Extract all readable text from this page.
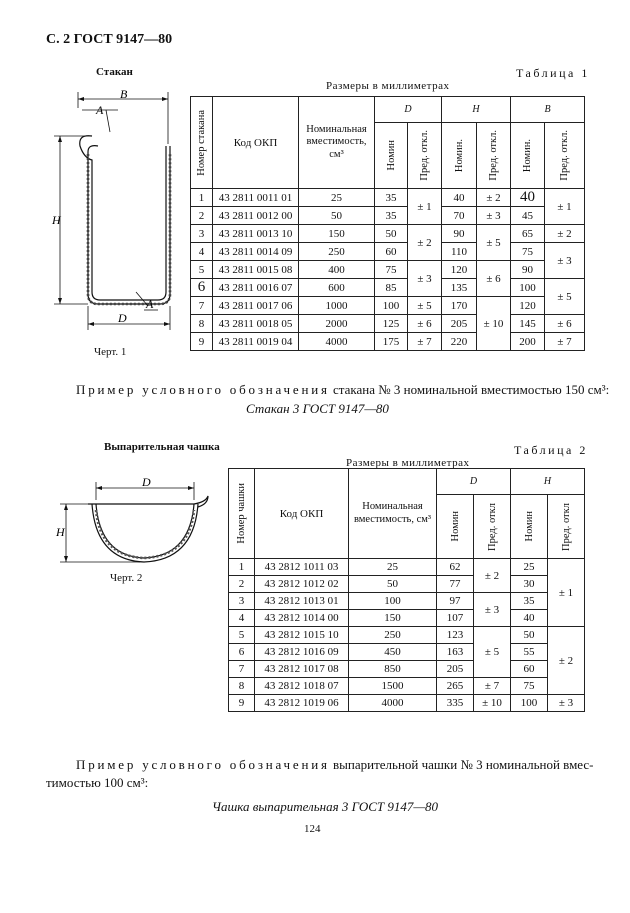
С. 2 ГОСТ 9147—80
Стакан	Таблица 1
Размеры в миллиметрах
B
A
H
A
D
Черт. 1
Номер стакана	Код ОКП	Номинальная вместимость, см³	D		H		B	

			Номин	Пред. откл.	Номин.	Пред. откл.	Номин.	Пред. откл.

1	43 2811 0011 01	25	35	± 1	40	± 2	40	± 1
2	43 2811 0012 00	50	35		70	± 3	45	
3	43 2811 0013 10	150	50	± 2	90	± 5	65	± 2
4	43 2811 0014 09	250	60		110		75	± 3
5	43 2811 0015 08	400	75	± 3	120	± 6	90	
6	43 2811 0016 07	600	85		135		100	± 5
7	43 2811 0017 06	1000	100	± 5	170	± 10	120	
8	43 2811 0018 05	2000	125	± 6	205		145	± 6
9	43 2811 0019 04	4000	175	± 7	220		200	± 7
Пример условного обозначения стакана № 3 номинальной вместимостью 150 см³:
Стакан 3 ГОСТ 9147—80
Выпарительная чашка	Таблица 2
Размеры в миллиметрах
D
H
Черт. 2
Номер чашки	Код ОКП	Номинальная вместимость, см³	D		H	

			Номин	Пред. откл	Номин	Пред. откл

1	43 2812 1011 03	25	62	± 2	25	± 1
2	43 2812 1012 02	50	77		30	
3	43 2812 1013 01	100	97	± 3	35	
4	43 2812 1014 00	150	107		40	
5	43 2812 1015 10	250	123	± 5	50	± 2
6	43 2812 1016 09	450	163		55	
7	43 2812 1017 08	850	205		60	
8	43 2812 1018 07	1500	265	± 7	75	
9	43 2812 1019 06	4000	335	± 10	100	± 3
Пример условного обозначения выпарительной чашки № 3 номинальной вмес-
тимостью 100 см³:
Чашка выпарительная 3 ГОСТ 9147—80
124
